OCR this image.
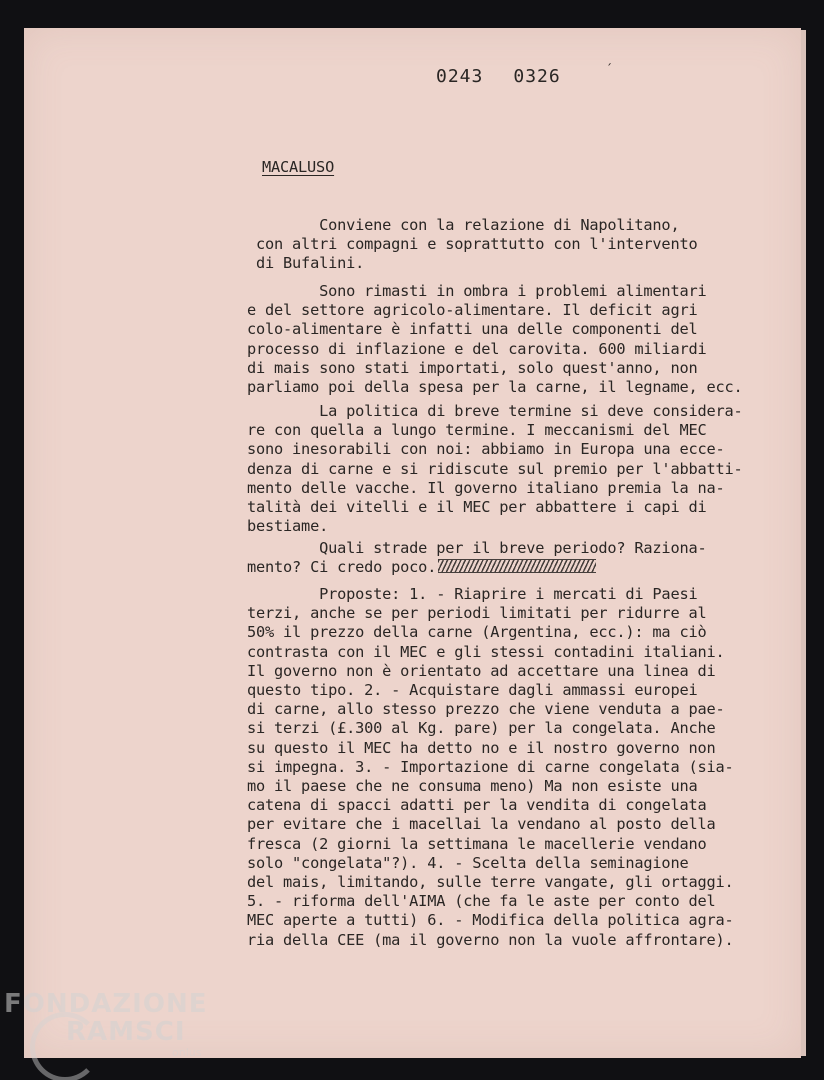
0243 0326	´
MACALUSO
Conviene con la relazione di Napolitano,
con altri compagni e soprattutto con l'intervento
di Bufalini.
Sono rimasti in ombra i problemi alimentari
e del settore agricolo-alimentare. Il deficit agri
colo-alimentare è infatti una delle componenti del
processo di inflazione e del carovita. 600 miliardi
di mais sono stati importati, solo quest'anno, non
parliamo poi della spesa per la carne, il legname, ecc.
La politica di breve termine si deve considera-
re con quella a lungo termine. I meccanismi del MEC
sono inesorabili con noi: abbiamo in Europa una ecce-
denza di carne e si ridiscute sul premio per l'abbatti-
mento delle vacche. Il governo italiano premia la na-
talità dei vitelli e il MEC per abbattere i capi di
bestiame.
Quali strade per il breve periodo? Raziona-
mento? Ci credo poco.
Proposte: 1. - Riaprire i mercati di Paesi
terzi, anche se per periodi limitati per ridurre al
50% il prezzo della carne (Argentina, ecc.): ma ciò
contrasta con il MEC e gli stessi contadini italiani.
Il governo non è orientato ad accettare una linea di
questo tipo. 2. - Acquistare dagli ammassi europei
di carne, allo stesso prezzo che viene venduta a pae-
si terzi (£.300 al Kg. pare) per la congelata. Anche
su questo il MEC ha detto no e il nostro governo non
si impegna. 3. - Importazione di carne congelata (sia-
mo il paese che ne consuma meno) Ma non esiste una
catena di spacci adatti per la vendita di congelata
per evitare che i macellai la vendano al posto della
fresca (2 giorni la settimana le macellerie vendano
solo "congelata"?). 4. - Scelta della seminagione
del mais, limitando, sulle terre vangate, gli ortaggi.
5. - riforma dell'AIMA (che fa le aste per conto del
MEC aperte a tutti) 6. - Modifica della politica agra-
ria della CEE (ma il governo non la vuole affrontare).
FONDAZIONE
RAMSCI
onlus
